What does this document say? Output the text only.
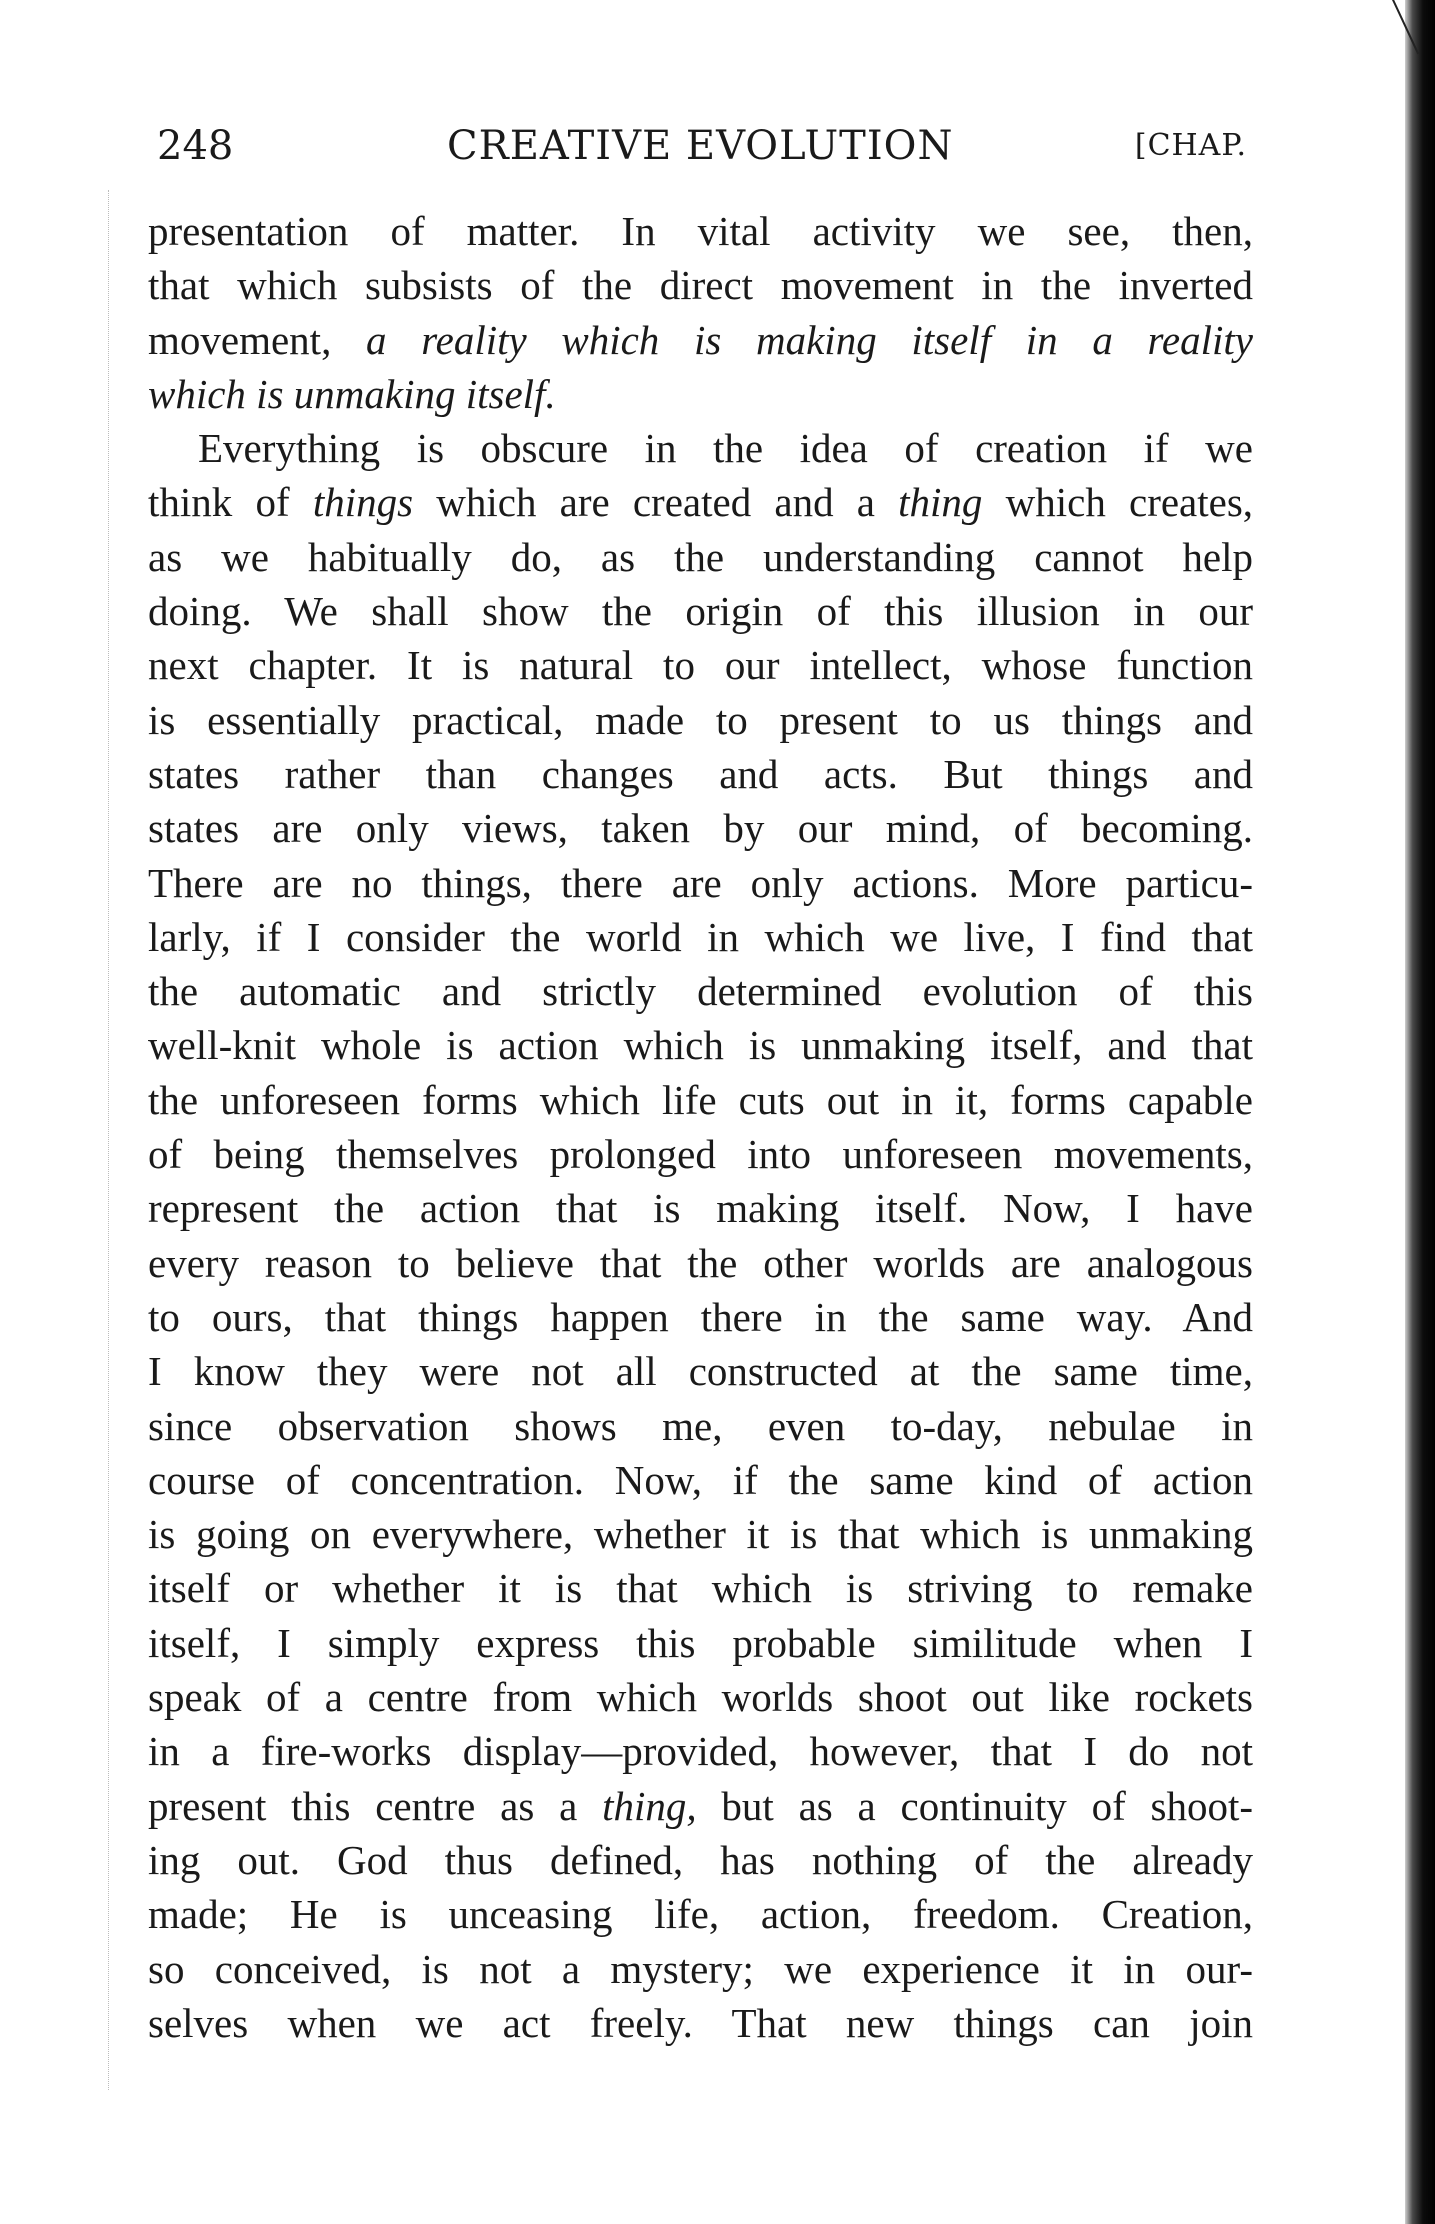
248	CREATIVE EVOLUTION	[CHAP.
presentation of matter. In vital activity we see, then,
that which subsists of the direct movement in the inverted
movement, a reality which is making itself in a reality
which is unmaking itself.
Everything is obscure in the idea of creation if we
think of things which are created and a thing which creates,
as we habitually do, as the understanding cannot help
doing. We shall show the origin of this illusion in our
next chapter. It is natural to our intellect, whose function
is essentially practical, made to present to us things and
states rather than changes and acts. But things and
states are only views, taken by our mind, of becoming.
There are no things, there are only actions. More particu-
larly, if I consider the world in which we live, I find that
the automatic and strictly determined evolution of this
well-knit whole is action which is unmaking itself, and that
the unforeseen forms which life cuts out in it, forms capable
of being themselves prolonged into unforeseen movements,
represent the action that is making itself. Now, I have
every reason to believe that the other worlds are analogous
to ours, that things happen there in the same way. And
I know they were not all constructed at the same time,
since observation shows me, even to-day, nebulae in
course of concentration. Now, if the same kind of action
is going on everywhere, whether it is that which is unmaking
itself or whether it is that which is striving to remake
itself, I simply express this probable similitude when I
speak of a centre from which worlds shoot out like rockets
in a fire-works display—provided, however, that I do not
present this centre as a thing, but as a continuity of shoot-
ing out. God thus defined, has nothing of the already
made; He is unceasing life, action, freedom. Creation,
so conceived, is not a mystery; we experience it in our-
selves when we act freely. That new things can join
